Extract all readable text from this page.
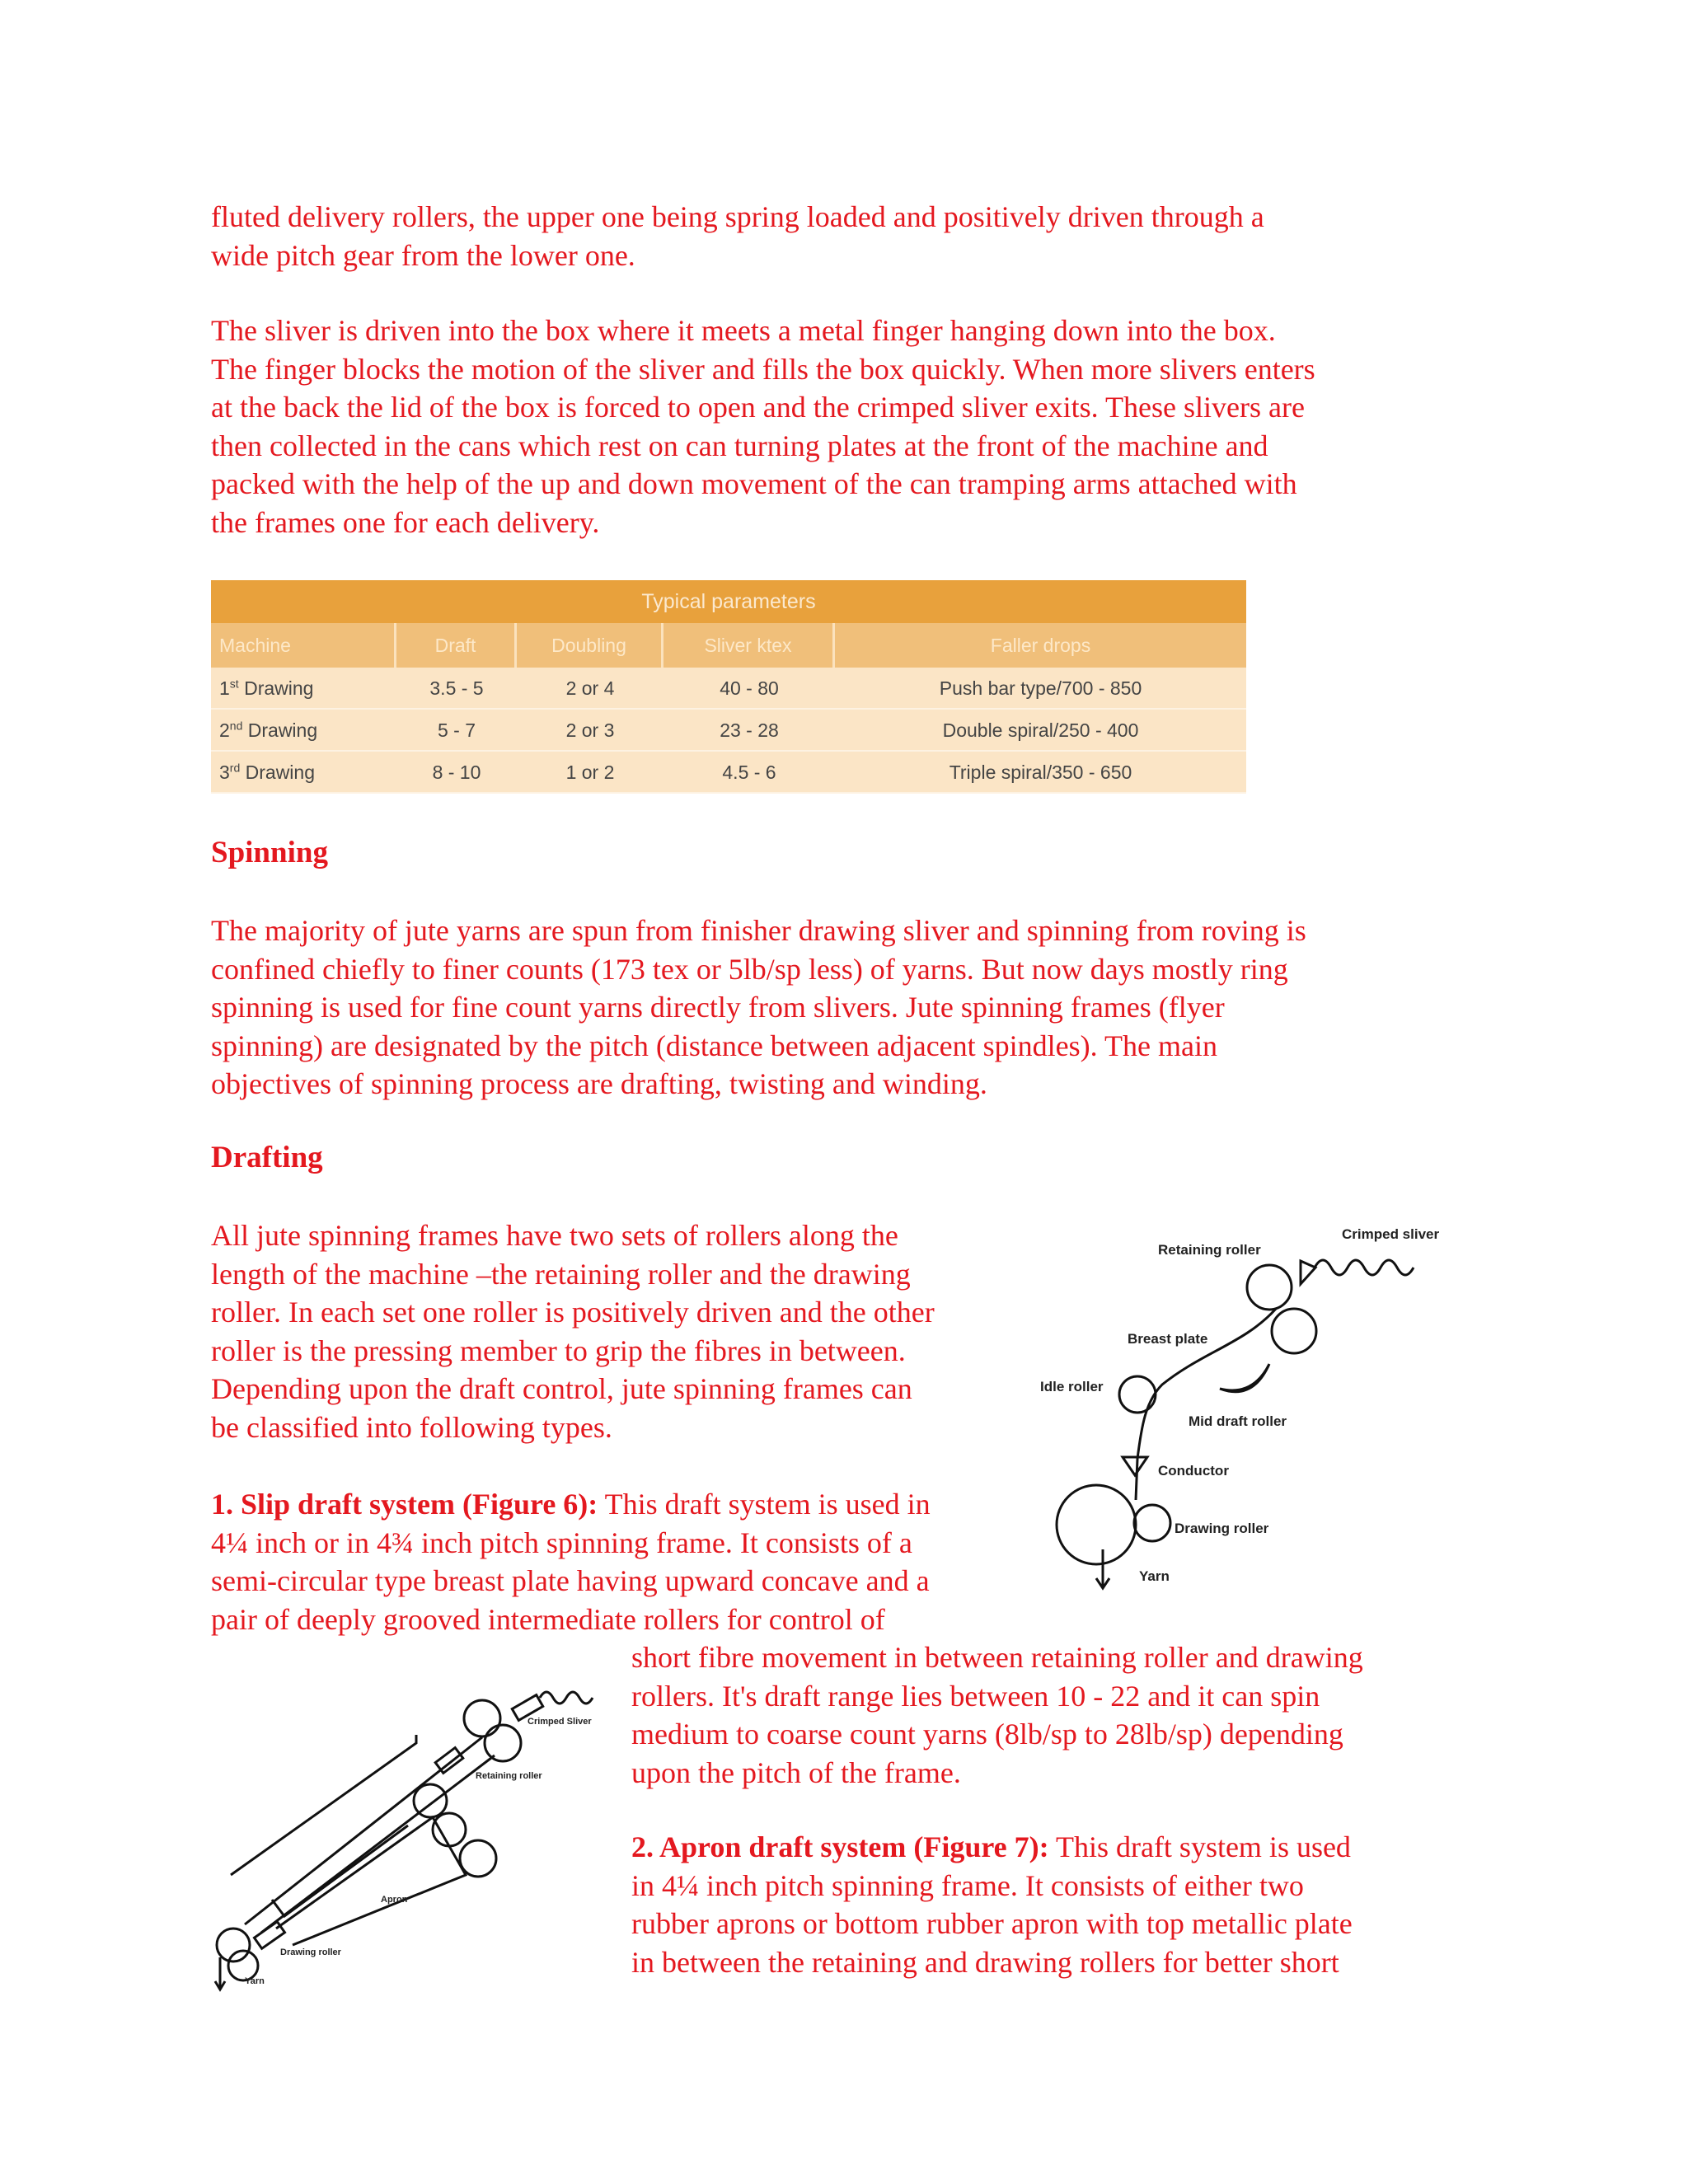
fluted delivery rollers, the upper one being spring loaded and positively driven through a
wide pitch gear from the lower one.
The sliver is driven into the box where it meets a metal finger hanging down into the box.
The finger blocks the motion of the sliver and fills the box quickly. When more slivers enters
at the back the lid of the box is forced to open and the crimped sliver exits. These slivers are
then collected in the cans which rest on can turning plates at the front of the machine and
packed with the help of the up and down movement of the can tramping arms attached with
the frames one for each delivery.
Typical parameters
Machine	Draft	Doubling	Sliver ktex	Faller drops
1st Drawing	3.5 - 5	2 or 4	40 - 80	Push bar type/700 - 850
2nd Drawing	5 - 7	2 or 3	23 - 28	Double spiral/250 - 400
3rd Drawing	8 - 10	1 or 2	4.5 - 6	Triple spiral/350 - 650
Spinning
The majority of jute yarns are spun from finisher drawing sliver and spinning from roving is
confined chiefly to finer counts (173 tex or 5lb/sp less) of yarns. But now days mostly ring
spinning is used for fine count yarns directly from slivers. Jute spinning frames (flyer
spinning) are designated by the pitch (distance between adjacent spindles). The main
objectives of spinning process are drafting, twisting and winding.
Drafting
All jute spinning frames have two sets of rollers along the
length of the machine –the retaining roller and the drawing
roller. In each set one roller is positively driven and the other
roller is the pressing member to grip the fibres in between.
Depending upon the draft control, jute spinning frames can
be classified into following types.
1. Slip draft system (Figure 6): This draft system is used in
4¼ inch or in 4¾ inch pitch spinning frame. It consists of a
semi-circular type breast plate having upward concave and a
pair of deeply grooved intermediate rollers for control of
short fibre movement in between retaining roller and drawing
rollers. It's draft range lies between 10 - 22 and it can spin
medium to coarse count yarns (8lb/sp to 28lb/sp) depending
upon the pitch of the frame.
2. Apron draft system (Figure 7): This draft system is used
in 4¼ inch pitch spinning frame. It consists of either two
rubber aprons or bottom rubber apron with top metallic plate
in between the retaining and drawing rollers for better short
Retaining roller
Crimped sliver
Breast plate
Idle roller
Mid draft roller
Conductor
Drawing roller
Yarn
Crimped Sliver
Retaining roller
Apron
Drawing roller
Yarn
